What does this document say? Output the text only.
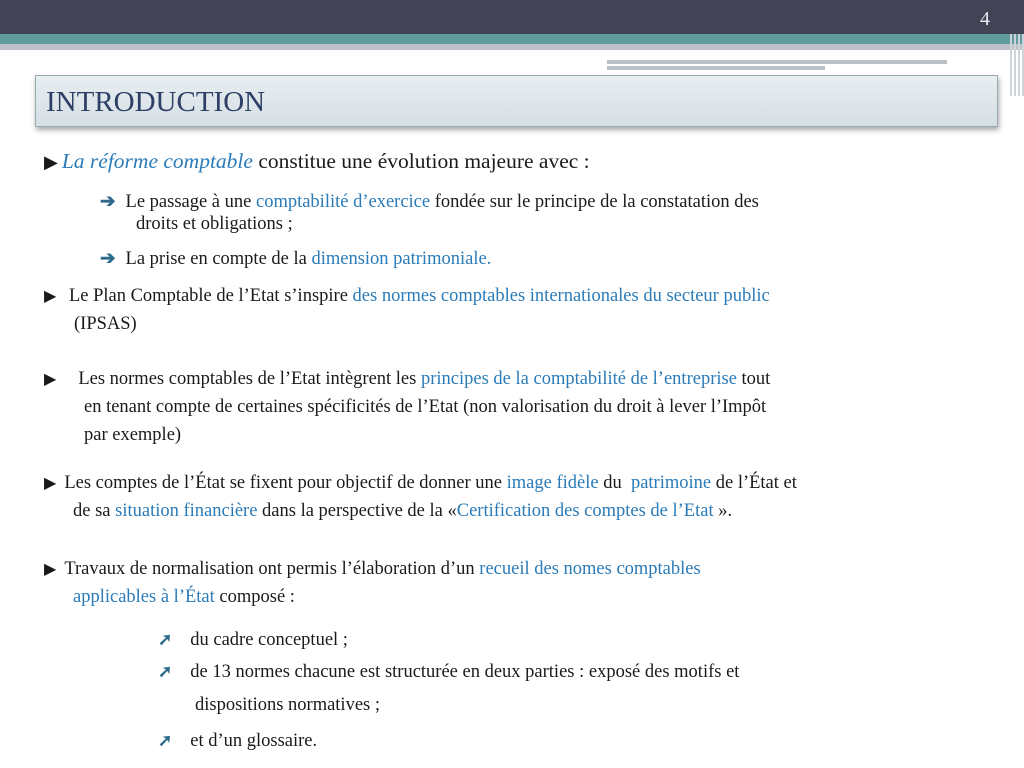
4
INTRODUCTION

▶ La réforme comptable constitue une évolution majeure avec :

➔ Le passage à une comptabilité d’exercice fondée sur le principe de la constatation des

droits et obligations ;

➔ La prise en compte de la dimension patrimoniale.

▶ Le Plan Comptable de l’Etat s’inspire des normes comptables internationales du secteur public

(IPSAS)

▶ Les normes comptables de l’Etat intègrent les principes de la comptabilité de l’entreprise tout

en tenant compte de certaines spécificités de l’Etat (non valorisation du droit à lever l’Impôt

par exemple)

▶ Les comptes de l’État se fixent pour objectif de donner une image fidèle du  patrimoine de l’État et

de sa situation financière dans la perspective de la «Certification des comptes de l’Etat ».

▶ Travaux de normalisation ont permis l’élaboration d’un recueil des nomes comptables

applicables à l’État composé :

➚ du cadre conceptuel ;

➚ de 13 normes chacune est structurée en deux parties : exposé des motifs et

dispositions normatives ;

➚ et d’un glossaire.
